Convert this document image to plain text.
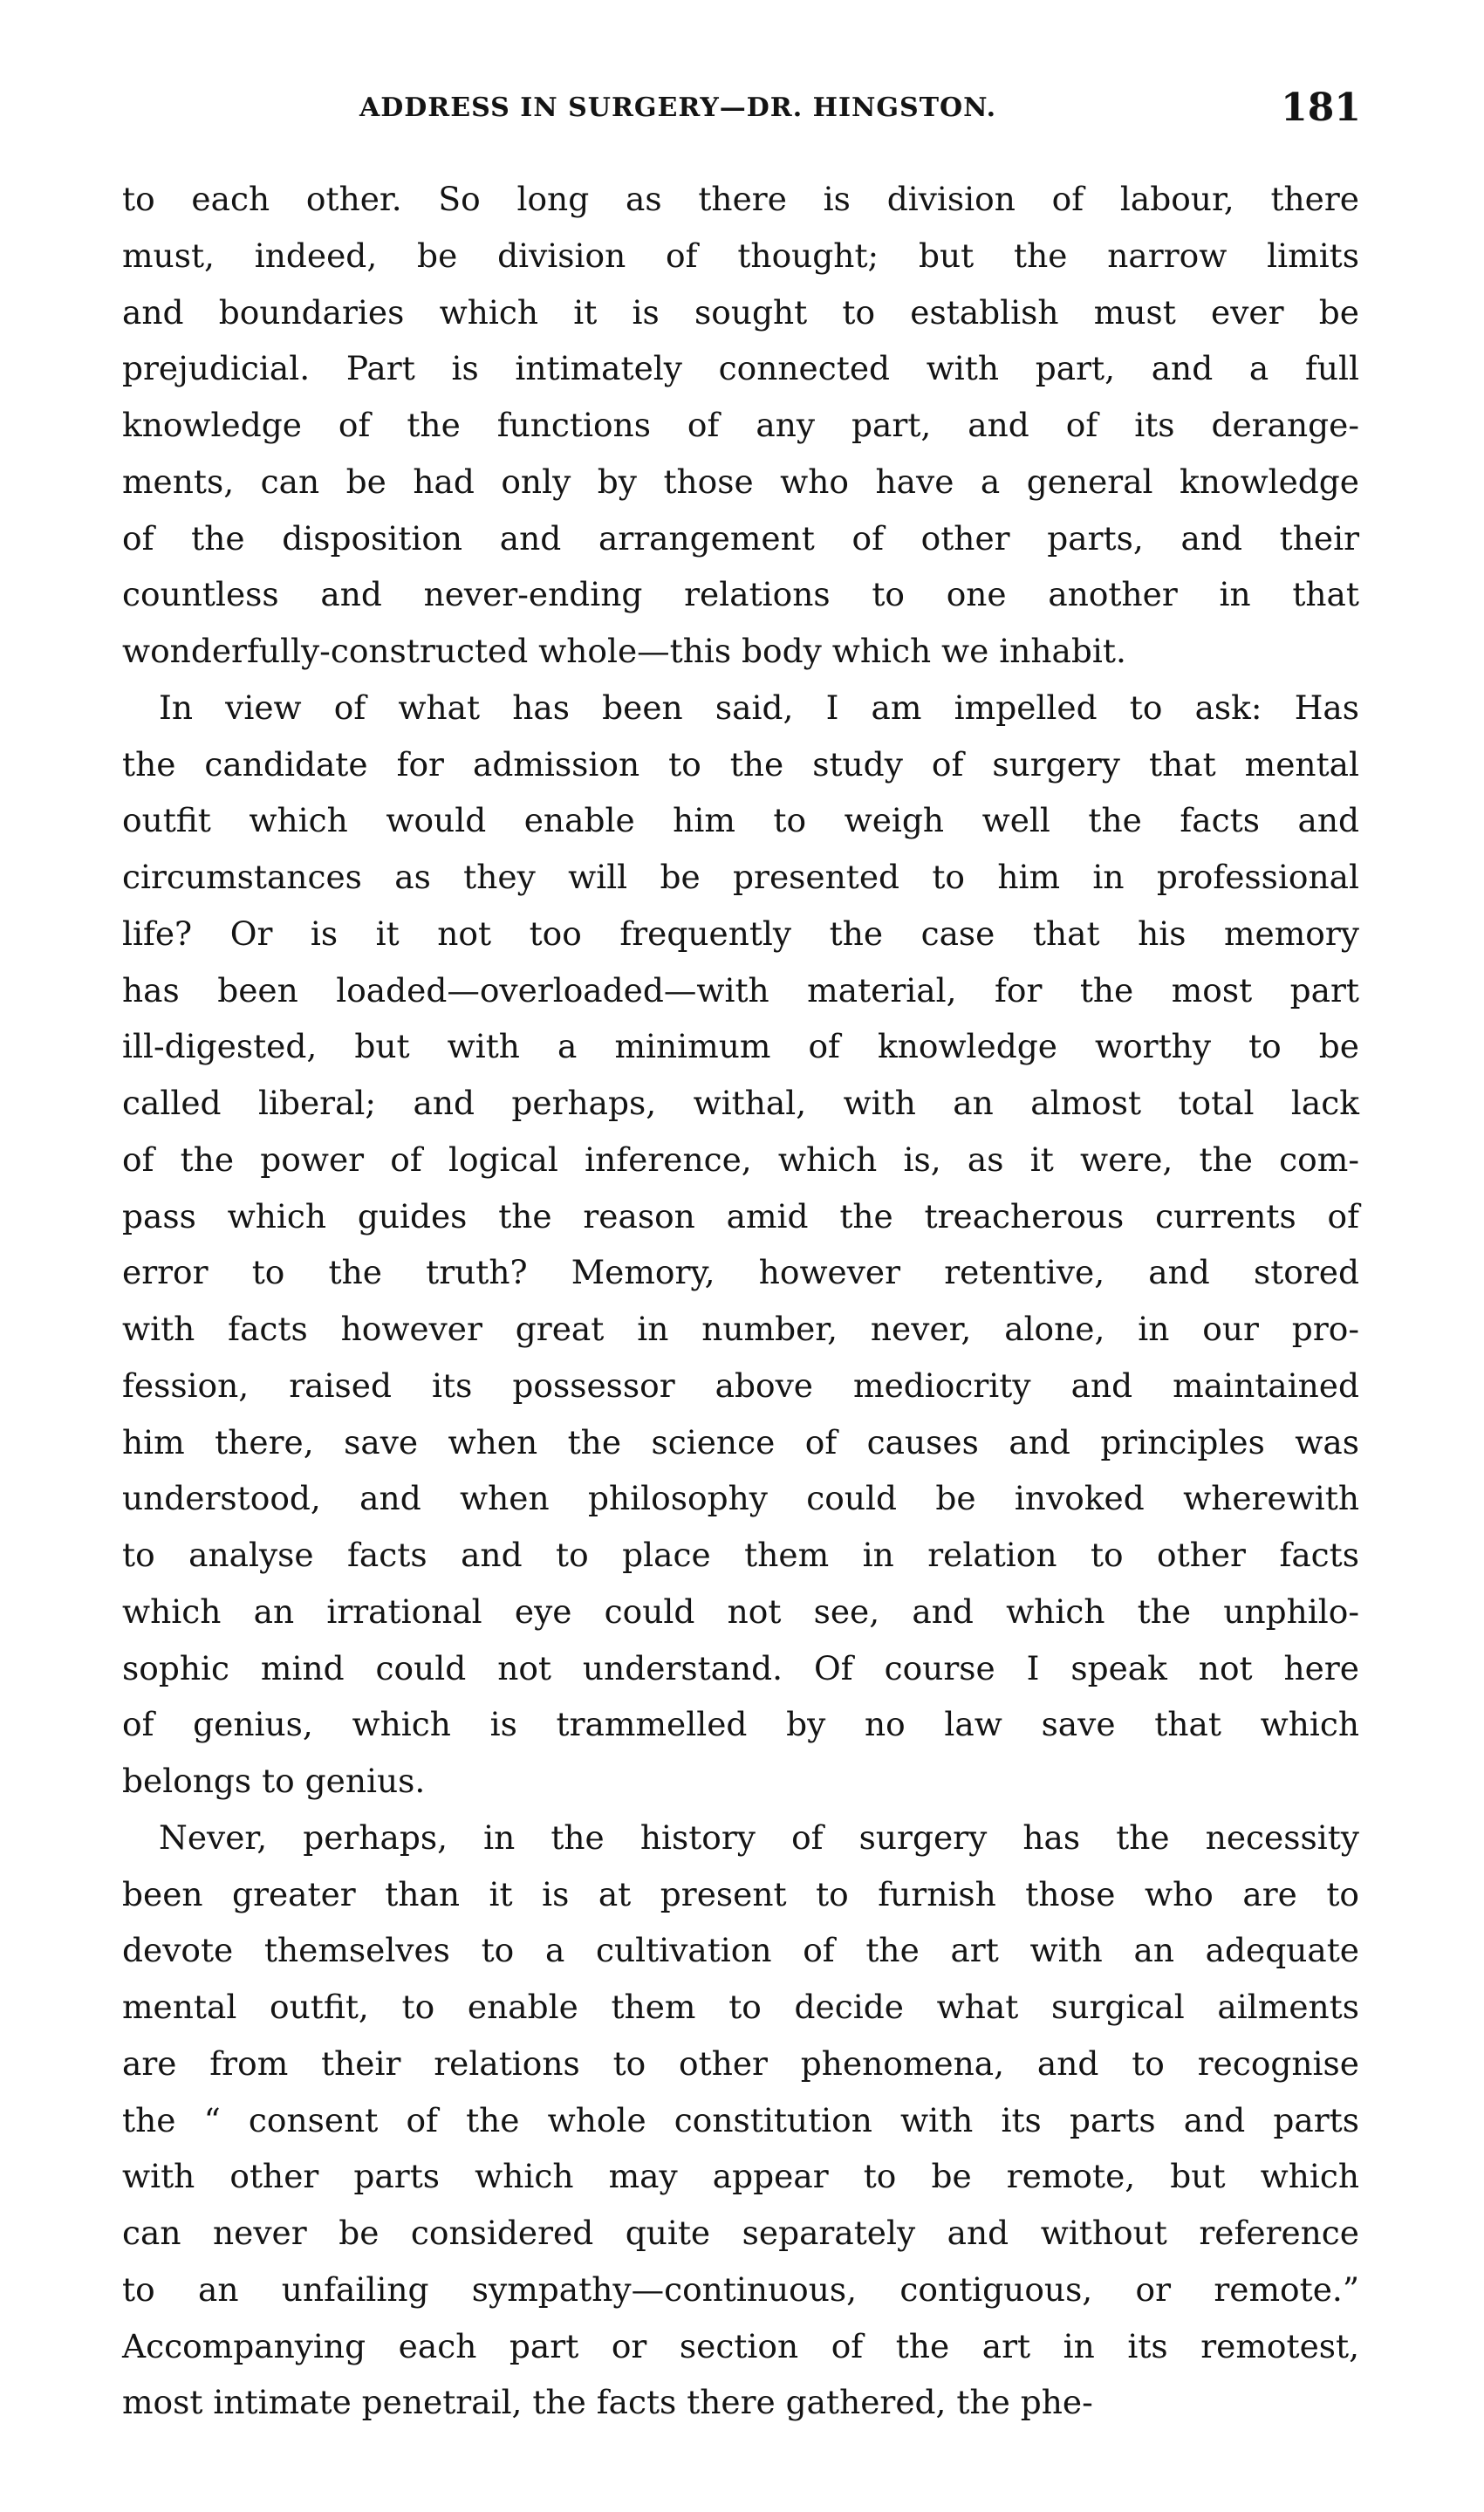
ADDRESS IN SURGERY—DR. HINGSTON.	181
to each other. So long as there is division of labour, there
must, indeed, be division of thought; but the narrow limits
and boundaries which it is sought to establish must ever be
prejudicial. Part is intimately connected with part, and a full
knowledge of the functions of any part, and of its derange-
ments, can be had only by those who have a general knowledge
of the disposition and arrangement of other parts, and their
countless and never-ending relations to one another in that
wonderfully-constructed whole—this body which we inhabit.
In view of what has been said, I am impelled to ask: Has
the candidate for admission to the study of surgery that mental
outfit which would enable him to weigh well the facts and
circumstances as they will be presented to him in professional
life? Or is it not too frequently the case that his memory
has been loaded—overloaded—with material, for the most part
ill-digested, but with a minimum of knowledge worthy to be
called liberal; and perhaps, withal, with an almost total lack
of the power of logical inference, which is, as it were, the com-
pass which guides the reason amid the treacherous currents of
error to the truth? Memory, however retentive, and stored
with facts however great in number, never, alone, in our pro-
fession, raised its possessor above mediocrity and maintained
him there, save when the science of causes and principles was
understood, and when philosophy could be invoked wherewith
to analyse facts and to place them in relation to other facts
which an irrational eye could not see, and which the unphilo-
sophic mind could not understand. Of course I speak not here
of genius, which is trammelled by no law save that which
belongs to genius.
Never, perhaps, in the history of surgery has the necessity
been greater than it is at present to furnish those who are to
devote themselves to a cultivation of the art with an adequate
mental outfit, to enable them to decide what surgical ailments
are from their relations to other phenomena, and to recognise
the “ consent of the whole constitution with its parts and parts
with other parts which may appear to be remote, but which
can never be considered quite separately and without reference
to an unfailing sympathy—continuous, contiguous, or remote.”
Accompanying each part or section of the art in its remotest,
most intimate penetrail, the facts there gathered, the phe-
